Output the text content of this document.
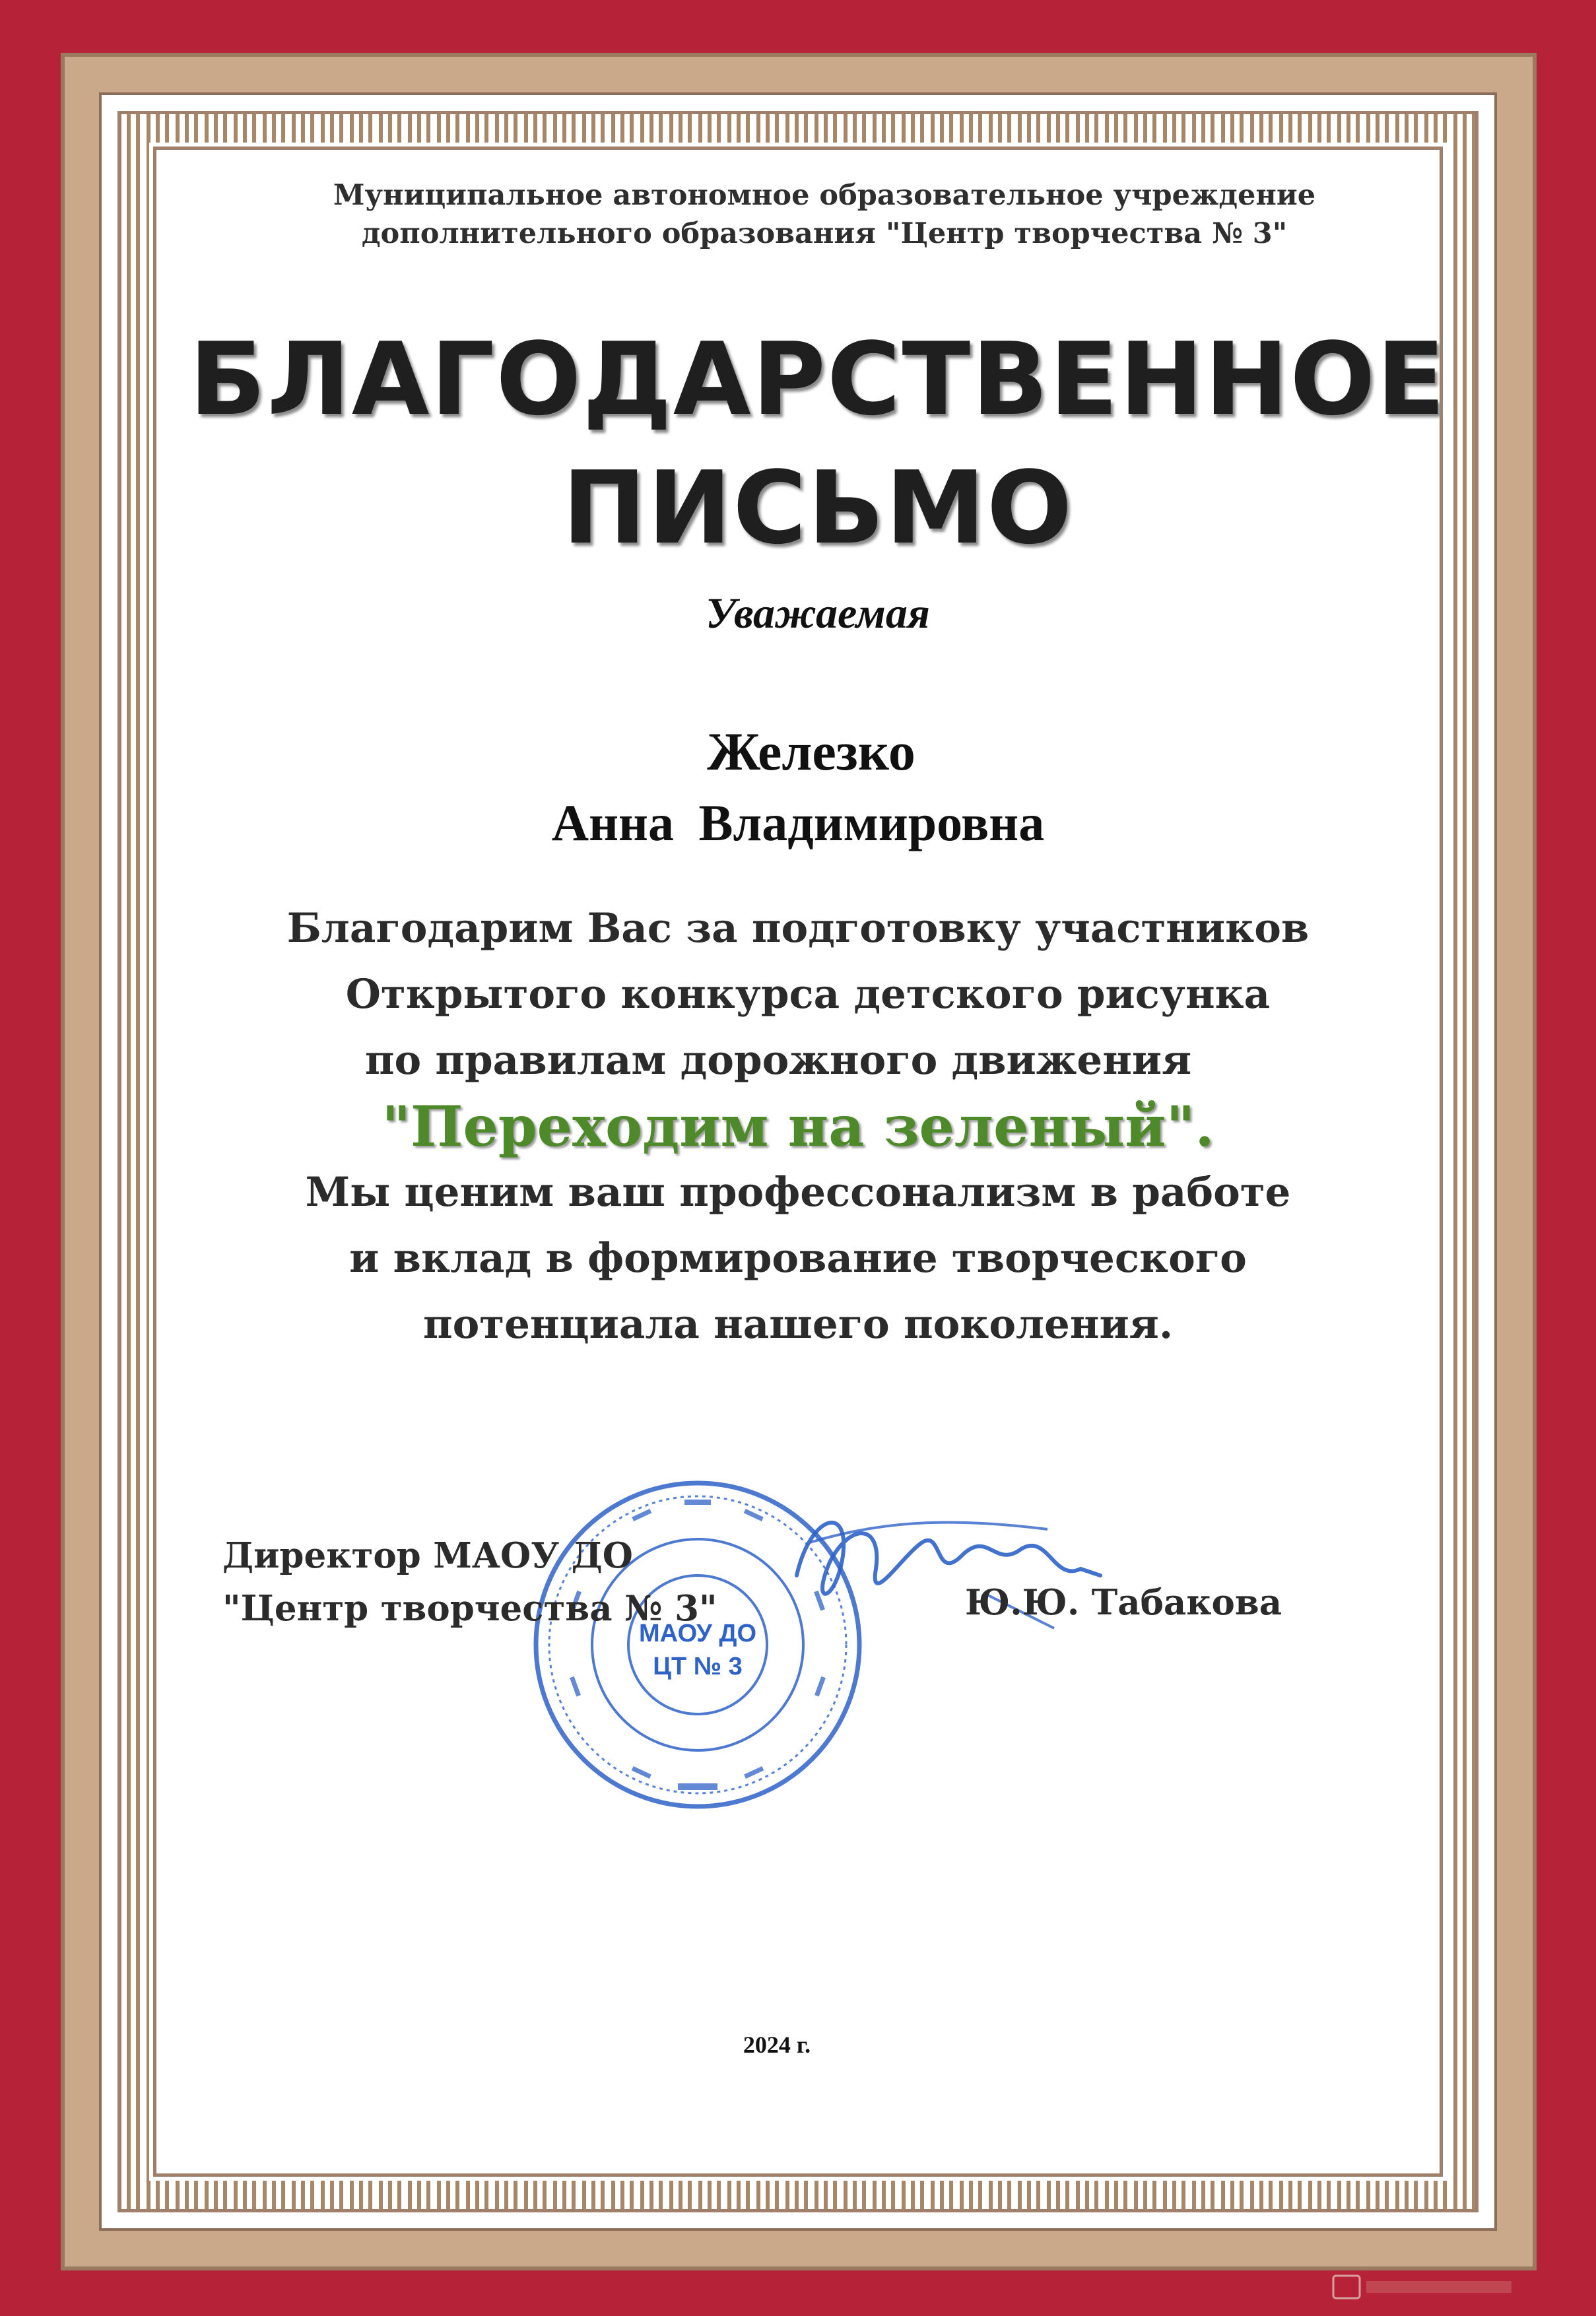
Муниципальное автономное образовательное учреждение
дополнительного образования "Центр творчества № 3"
БЛАГОДАРСТВЕННОЕ
ПИСЬМО
Уважаемая
Железко
Анна Владимировна
Благодарим Вас за подготовку участников
Открытого конкурса детского рисунка
по правилам дорожного движения
"Переходим на зеленый".
Мы ценим ваш профессонализм в работе
и вклад в формирование творческого
потенциала нашего поколения.
МАОУ ДО
ЦТ № 3
Директор МАОУ ДО
"Центр творчества № 3"	Ю.Ю. Табакова
2024 г.
